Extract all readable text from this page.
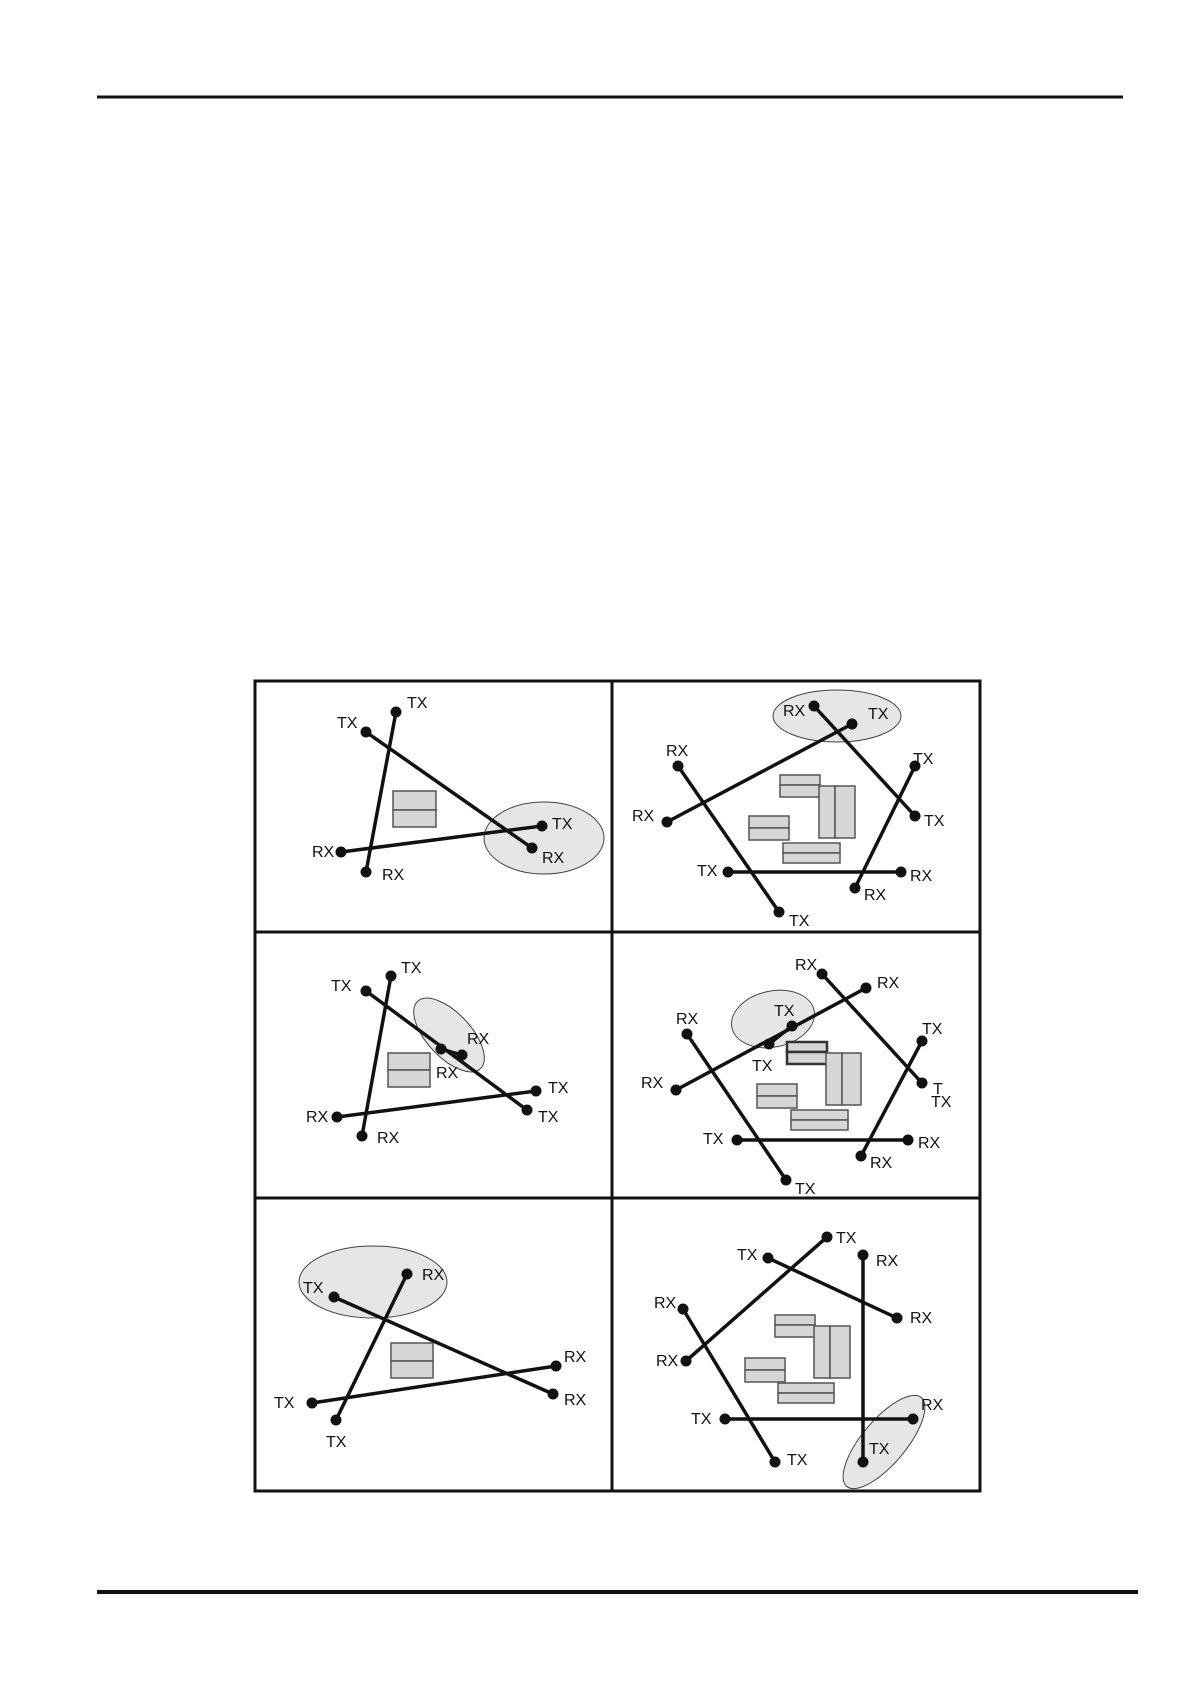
TX
TX
TX
RX	RX
RX
RX	TX
RX
RX
TX
TX
TX	RX
RX
TX
TX
TX
RX
RX
TX
TX
RX
RX
RX
RX
RX	TX
TX
RX
TX
T
TX
TX	RX
RX
TX
TX
RX
RX
RX
TX
TX
TX
TX	RX
RX
RX
RX
RX
TX
TX
TX
